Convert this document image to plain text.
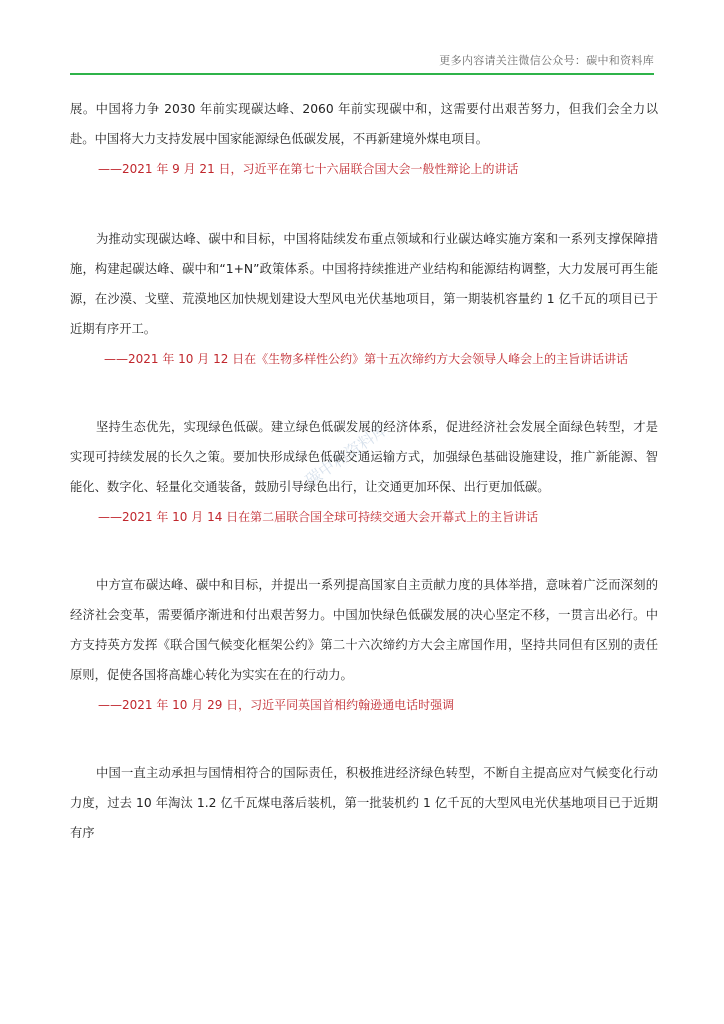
更多内容请关注微信公众号：碳中和资料库
碳中和资料库

展。中国将力争 2030 年前实现碳达峰、2060 年前实现碳中和，这需要付出艰苦努力，但我们会全力以赴。中国将大力支持发展中国家能源绿色低碳发展，不再新建境外煤电项目。

——2021 年 9 月 21 日，习近平在第七十六届联合国大会一般性辩论上的讲话

为推动实现碳达峰、碳中和目标，中国将陆续发布重点领域和行业碳达峰实施方案和一系列支撑保障措施，构建起碳达峰、碳中和“1+N”政策体系。中国将持续推进产业结构和能源结构调整，大力发展可再生能源，在沙漠、戈壁、荒漠地区加快规划建设大型风电光伏基地项目，第一期装机容量约 1 亿千瓦的项目已于近期有序开工。

——2021 年 10 月 12 日在《生物多样性公约》第十五次缔约方大会领导人峰会上的主旨讲话讲话

坚持生态优先，实现绿色低碳。建立绿色低碳发展的经济体系，促进经济社会发展全面绿色转型，才是实现可持续发展的长久之策。要加快形成绿色低碳交通运输方式，加强绿色基础设施建设，推广新能源、智能化、数字化、轻量化交通装备，鼓励引导绿色出行，让交通更加环保、出行更加低碳。

——2021 年 10 月 14 日在第二届联合国全球可持续交通大会开幕式上的主旨讲话

中方宣布碳达峰、碳中和目标，并提出一系列提高国家自主贡献力度的具体举措，意味着广泛而深刻的经济社会变革，需要循序渐进和付出艰苦努力。中国加快绿色低碳发展的决心坚定不移，一贯言出必行。中方支持英方发挥《联合国气候变化框架公约》第二十六次缔约方大会主席国作用，坚持共同但有区别的责任原则，促使各国将高雄心转化为实实在在的行动力。

——2021 年 10 月 29 日，习近平同英国首相约翰逊通电话时强调

中国一直主动承担与国情相符合的国际责任，积极推进经济绿色转型，不断自主提高应对气候变化行动力度，过去 10 年淘汰 1.2 亿千瓦煤电落后装机，第一批装机约 1 亿千瓦的大型风电光伏基地项目已于近期有序
